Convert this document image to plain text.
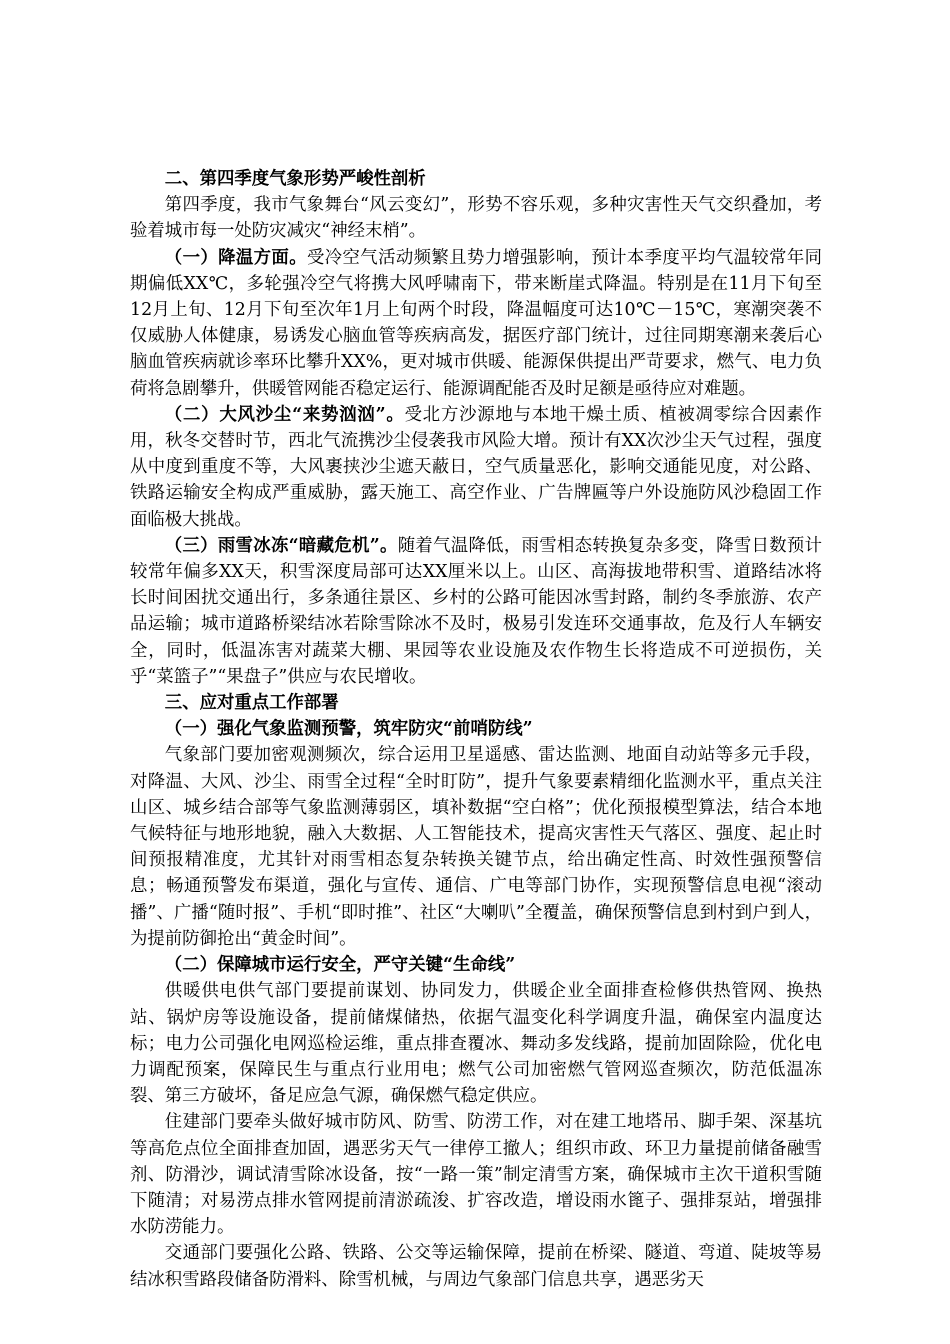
二、第四季度气象形势严峻性剖析

第四季度，我市气象舞台“风云变幻”，形势不容乐观，多种灾害性天气交织叠加，考验着城市每一处防灾减灾“神经末梢”。

（一）降温方面。受冷空气活动频繁且势力增强影响，预计本季度平均气温较常年同期偏低XX℃，多轮强冷空气将携大风呼啸南下，带来断崖式降温。特别是在11月下旬至12月上旬、12月下旬至次年1月上旬两个时段，降温幅度可达10℃－15℃，寒潮突袭不仅威胁人体健康，易诱发心脑血管等疾病高发，据医疗部门统计，过往同期寒潮来袭后心脑血管疾病就诊率环比攀升XX%，更对城市供暖、能源保供提出严苛要求，燃气、电力负荷将急剧攀升，供暖管网能否稳定运行、能源调配能否及时足额是亟待应对难题。

（二）大风沙尘“来势汹汹”。受北方沙源地与本地干燥土质、植被凋零综合因素作用，秋冬交替时节，西北气流携沙尘侵袭我市风险大增。预计有XX次沙尘天气过程，强度从中度到重度不等，大风裹挟沙尘遮天蔽日，空气质量恶化，影响交通能见度，对公路、铁路运输安全构成严重威胁，露天施工、高空作业、广告牌匾等户外设施防风沙稳固工作面临极大挑战。

（三）雨雪冰冻“暗藏危机”。随着气温降低，雨雪相态转换复杂多变，降雪日数预计较常年偏多XX天，积雪深度局部可达XX厘米以上。山区、高海拔地带积雪、道路结冰将长时间困扰交通出行，多条通往景区、乡村的公路可能因冰雪封路，制约冬季旅游、农产品运输；城市道路桥梁结冰若除雪除冰不及时，极易引发连环交通事故，危及行人车辆安全，同时，低温冻害对蔬菜大棚、果园等农业设施及农作物生长将造成不可逆损伤，关乎“菜篮子”“果盘子”供应与农民增收。

三、应对重点工作部署

（一）强化气象监测预警，筑牢防灾“前哨防线”

气象部门要加密观测频次，综合运用卫星遥感、雷达监测、地面自动站等多元手段，对降温、大风、沙尘、雨雪全过程“全时盯防”，提升气象要素精细化监测水平，重点关注山区、城乡结合部等气象监测薄弱区，填补数据“空白格”；优化预报模型算法，结合本地气候特征与地形地貌，融入大数据、人工智能技术，提高灾害性天气落区、强度、起止时间预报精准度，尤其针对雨雪相态复杂转换关键节点，给出确定性高、时效性强预警信息；畅通预警发布渠道，强化与宣传、通信、广电等部门协作，实现预警信息电视“滚动播”、广播“随时报”、手机“即时推”、社区“大喇叭”全覆盖，确保预警信息到村到户到人，为提前防御抢出“黄金时间”。

（二）保障城市运行安全，严守关键“生命线”

供暖供电供气部门要提前谋划、协同发力，供暖企业全面排查检修供热管网、换热站、锅炉房等设施设备，提前储煤储热，依据气温变化科学调度升温，确保室内温度达标；电力公司强化电网巡检运维，重点排查覆冰、舞动多发线路，提前加固除险，优化电力调配预案，保障民生与重点行业用电；燃气公司加密燃气管网巡查频次，防范低温冻裂、第三方破坏，备足应急气源，确保燃气稳定供应。

住建部门要牵头做好城市防风、防雪、防涝工作，对在建工地塔吊、脚手架、深基坑等高危点位全面排查加固，遇恶劣天气一律停工撤人；组织市政、环卫力量提前储备融雪剂、防滑沙，调试清雪除冰设备，按“一路一策”制定清雪方案，确保城市主次干道积雪随下随清；对易涝点排水管网提前清淤疏浚、扩容改造，增设雨水篦子、强排泵站，增强排水防涝能力。

交通部门要强化公路、铁路、公交等运输保障，提前在桥梁、隧道、弯道、陡坡等易结冰积雪路段储备防滑料、除雪机械，与周边气象部门信息共享，遇恶劣天
